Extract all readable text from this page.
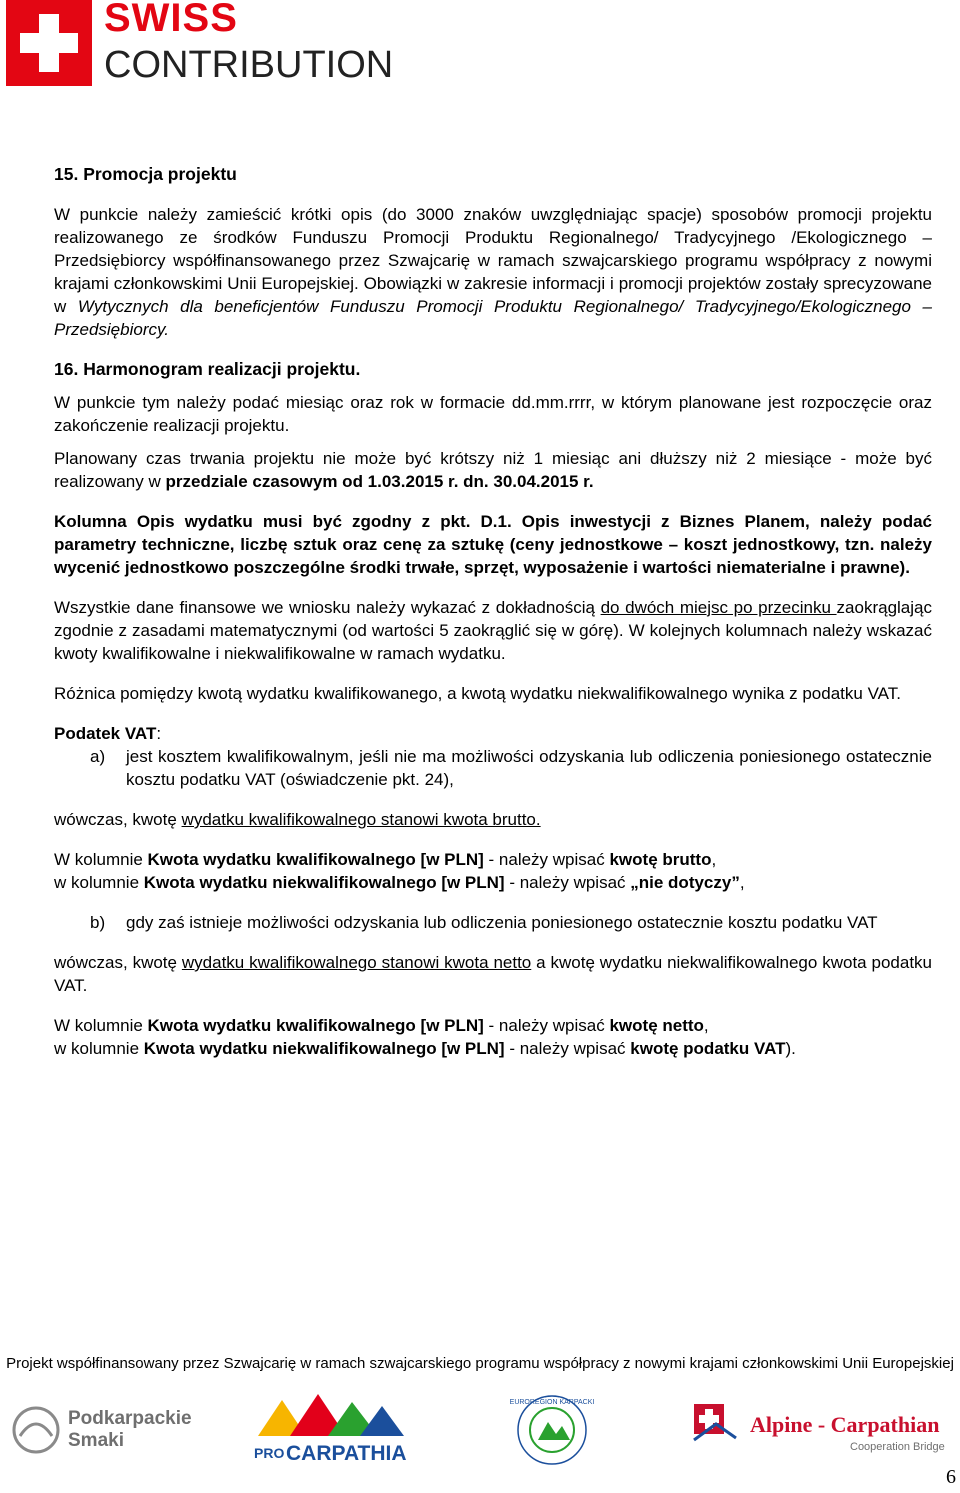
SWISS
CONTRIBUTION

15. Promocja projektu

W punkcie należy zamieścić krótki opis (do 3000 znaków uwzględniając spacje) sposobów promocji projektu realizowanego ze środków Funduszu Promocji Produktu Regionalnego/ Tradycyjnego /Ekologicznego – Przedsiębiorcy współfinansowanego przez Szwajcarię w ramach szwajcarskiego programu współpracy z nowymi krajami członkowskimi Unii Europejskiej. Obowiązki w zakresie informacji i promocji projektów zostały sprecyzowane w Wytycznych dla beneficjentów Funduszu Promocji Produktu Regionalnego/ Tradycyjnego/Ekologicznego – Przedsiębiorcy.

16. Harmonogram realizacji projektu.

W punkcie tym należy podać miesiąc oraz rok w formacie dd.mm.rrrr, w którym planowane jest rozpoczęcie oraz zakończenie realizacji projektu.

Planowany czas trwania projektu nie może być krótszy niż 1 miesiąc ani dłuższy niż 2 miesiące - może być realizowany w przedziale czasowym od 1.03.2015 r. dn. 30.04.2015 r.

Kolumna Opis wydatku musi być zgodny z pkt. D.1. Opis inwestycji z Biznes Planem, należy podać parametry techniczne, liczbę sztuk oraz cenę za sztukę (ceny jednostkowe – koszt jednostkowy, tzn. należy wycenić jednostkowo poszczególne środki trwałe, sprzęt, wyposażenie i wartości niematerialne i prawne).

Wszystkie dane finansowe we wniosku należy wykazać z dokładnością do dwóch miejsc po przecinku zaokrąglając zgodnie z zasadami matematycznymi (od wartości 5 zaokrąglić się w górę). W kolejnych kolumnach należy wskazać kwoty kwalifikowalne i niekwalifikowalne w ramach wydatku.

Różnica pomiędzy kwotą wydatku kwalifikowanego, a kwotą wydatku niekwalifikowalnego wynika z podatku VAT.

Podatek VAT:

a)	jest kosztem kwalifikowalnym, jeśli nie ma możliwości odzyskania lub odliczenia poniesionego ostatecznie kosztu podatku VAT (oświadczenie pkt. 24),

wówczas, kwotę wydatku kwalifikowalnego stanowi kwota brutto.

W kolumnie Kwota wydatku kwalifikowalnego [w PLN] - należy wpisać kwotę brutto,

w kolumnie Kwota wydatku niekwalifikowalnego [w PLN] - należy wpisać „nie dotyczy”,

b)	gdy zaś istnieje możliwości odzyskania lub odliczenia poniesionego ostatecznie kosztu podatku VAT

wówczas, kwotę wydatku kwalifikowalnego stanowi kwota netto a kwotę wydatku niekwalifikowalnego kwota podatku VAT.

W kolumnie Kwota wydatku kwalifikowalnego [w PLN] - należy wpisać kwotę netto,

w kolumnie Kwota wydatku niekwalifikowalnego [w PLN] - należy wpisać kwotę podatku VAT).

Projekt współfinansowany przez Szwajcarię w ramach szwajcarskiego programu współpracy z nowymi krajami członkowskimi Unii Europejskiej
Podkarpackie
Smaki
PRO CARPATHIA
EUROREGION KARPACKI
Alpine - Carpathian
Cooperation Bridge
6
